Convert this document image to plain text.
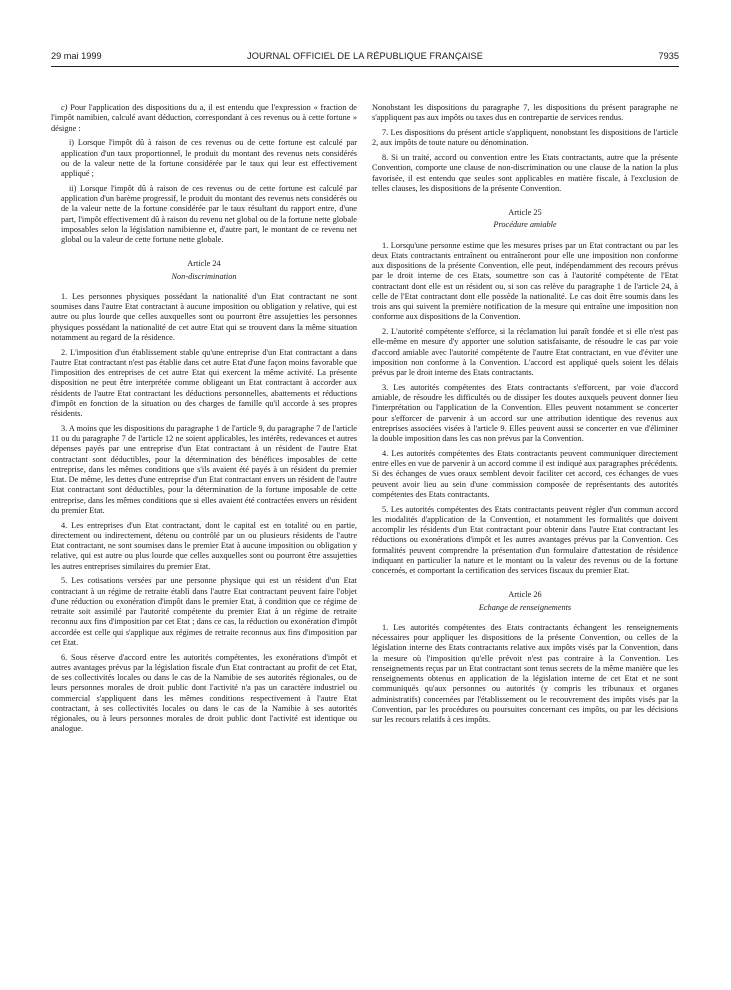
29 mai 1999	JOURNAL OFFICIEL DE LA RÉPUBLIQUE FRANÇAISE	7935

c) Pour l'application des dispositions du a, il est entendu que l'expression « fraction de l'impôt namibien, calculé avant déduction, correspondant à ces revenus ou à cette fortune » désigne :

i) Lorsque l'impôt dû à raison de ces revenus ou de cette fortune est calculé par application d'un taux proportionnel, le produit du montant des revenus nets considérés ou de la valeur nette de la fortune considérée par le taux qui leur est effectivement appliqué ;

ii) Lorsque l'impôt dû à raison de ces revenus ou de cette fortune est calculé par application d'un barème progressif, le produit du montant des revenus nets considérés ou de la valeur nette de la fortune considérée par le taux résultant du rapport entre, d'une part, l'impôt effectivement dû à raison du revenu net global ou de la fortune nette globale imposables selon la législation namibienne et, d'autre part, le montant de ce revenu net global ou la valeur de cette fortune nette globale.

Article 24
Non-discrimination

1. Les personnes physiques possédant la nationalité d'un Etat contractant ne sont soumises dans l'autre Etat contractant à aucune imposition ou obligation y relative, qui est autre ou plus lourde que celles auxquelles sont ou pourront être assujetties les personnes physiques possédant la nationalité de cet autre Etat qui se trouvent dans la même situation notamment au regard de la résidence.

2. L'imposition d'un établissement stable qu'une entreprise d'un Etat contractant a dans l'autre Etat contractant n'est pas établie dans cet autre Etat d'une façon moins favorable que l'imposition des entreprises de cet autre Etat qui exercent la même activité. La présente disposition ne peut être interprétée comme obligeant un Etat contractant à accorder aux résidents de l'autre Etat contractant les déductions personnelles, abattements et réductions d'impôt en fonction de la situation ou des charges de famille qu'il accorde à ses propres résidents.

3. A moins que les dispositions du paragraphe 1 de l'article 9, du paragraphe 7 de l'article 11 ou du paragraphe 7 de l'article 12 ne soient applicables, les intérêts, redevances et autres dépenses payés par une entreprise d'un Etat contractant à un résident de l'autre Etat contractant sont déductibles, pour la détermination des bénéfices imposables de cette entreprise, dans les mêmes conditions que s'ils avaient été payés à un résident du premier Etat. De même, les dettes d'une entreprise d'un Etat contractant envers un résident de l'autre Etat contractant sont déductibles, pour la détermination de la fortune imposable de cette entreprise, dans les mêmes conditions que si elles avaient été contractées envers un résident du premier Etat.

4. Les entreprises d'un Etat contractant, dont le capital est en totalité ou en partie, directement ou indirectement, détenu ou contrôlé par un ou plusieurs résidents de l'autre Etat contractant, ne sont soumises dans le premier Etat à aucune imposition ou obligation y relative, qui est autre ou plus lourde que celles auxquelles sont ou pourront être assujetties les autres entreprises similaires du premier Etat.

5. Les cotisations versées par une personne physique qui est un résident d'un Etat contractant à un régime de retraite établi dans l'autre Etat contractant peuvent faire l'objet d'une réduction ou exonération d'impôt dans le premier Etat, à condition que ce régime de retraite soit assimilé par l'autorité compétente du premier Etat à un régime de retraite reconnu aux fins d'imposition par cet Etat ; dans ce cas, la réduction ou exonération d'impôt accordée est celle qui s'applique aux régimes de retraite reconnus aux fins d'imposition par cet Etat.

6. Sous réserve d'accord entre les autorités compétentes, les exonérations d'impôt et autres avantages prévus par la législation fiscale d'un Etat contractant au profit de cet Etat, de ses collectivités locales ou dans le cas de la Namibie de ses autorités régionales, ou de leurs personnes morales de droit public dont l'activité n'a pas un caractère industriel ou commercial s'appliquent dans les mêmes conditions respectivement à l'autre Etat contractant, à ses collectivités locales ou dans le cas de la Namibie à ses autorités régionales, ou à leurs personnes morales de droit public dont l'activité est identique ou analogue.

Nonobstant les dispositions du paragraphe 7, les dispositions du présent paragraphe ne s'appliquent pas aux impôts ou taxes dus en contrepartie de services rendus.

7. Les dispositions du présent article s'appliquent, nonobstant les dispositions de l'article 2, aux impôts de toute nature ou dénomination.

8. Si un traité, accord ou convention entre les Etats contractants, autre que la présente Convention, comporte une clause de non-discrimination ou une clause de la nation la plus favorisée, il est entendu que seules sont applicables en matière fiscale, à l'exclusion de telles clauses, les dispositions de la présente Convention.

Article 25
Procédure amiable

1. Lorsqu'une personne estime que les mesures prises par un Etat contractant ou par les deux Etats contractants entraînent ou entraîneront pour elle une imposition non conforme aux dispositions de la présente Convention, elle peut, indépendamment des recours prévus par le droit interne de ces Etats, soumettre son cas à l'autorité compétente de l'Etat contractant dont elle est un résident ou, si son cas relève du paragraphe 1 de l'article 24, à celle de l'Etat contractant dont elle possède la nationalité. Le cas doit être soumis dans les trois ans qui suivent la première notification de la mesure qui entraîne une imposition non conforme aux dispositions de la Convention.

2. L'autorité compétente s'efforce, si la réclamation lui paraît fondée et si elle n'est pas elle-même en mesure d'y apporter une solution satisfaisante, de résoudre le cas par voie d'accord amiable avec l'autorité compétente de l'autre Etat contractant, en vue d'éviter une imposition non conforme à la Convention. L'accord est appliqué quels soient les délais prévus par le droit interne des Etats contractants.

3. Les autorités compétentes des Etats contractants s'efforcent, par voie d'accord amiable, de résoudre les difficultés ou de dissiper les doutes auxquels peuvent donner lieu l'interprétation ou l'application de la Convention. Elles peuvent notamment se concerter pour s'efforcer de parvenir à un accord sur une attribution identique des revenus aux entreprises associées visées à l'article 9. Elles peuvent aussi se concerter en vue d'éliminer la double imposition dans les cas non prévus par la Convention.

4. Les autorités compétentes des Etats contractants peuvent communiquer directement entre elles en vue de parvenir à un accord comme il est indiqué aux paragraphes précédents. Si des échanges de vues oraux semblent devoir faciliter cet accord, ces échanges de vues peuvent avoir lieu au sein d'une commission composée de représentants des autorités compétentes des Etats contractants.

5. Les autorités compétentes des Etats contractants peuvent régler d'un commun accord les modalités d'application de la Convention, et notamment les formalités que doivent accomplir les résidents d'un Etat contractant pour obtenir dans l'autre Etat contractant les réductions ou exonérations d'impôt et les autres avantages prévus par la Convention. Ces formalités peuvent comprendre la présentation d'un formulaire d'attestation de résidence indiquant en particulier la nature et le montant ou la valeur des revenus ou de la fortune concernés, et comportant la certification des services fiscaux du premier Etat.

Article 26
Echange de renseignements

1. Les autorités compétentes des Etats contractants échangent les renseignements nécessaires pour appliquer les dispositions de la présente Convention, ou celles de la législation interne des Etats contractants relative aux impôts visés par la Convention, dans la mesure où l'imposition qu'elle prévoit n'est pas contraire à la Convention. Les renseignements reçus par un Etat contractant sont tenus secrets de la même manière que les renseignements obtenus en application de la législation interne de cet Etat et ne sont communiqués qu'aux personnes ou autorités (y compris les tribunaux et organes administratifs) concernées par l'établissement ou le recouvrement des impôts visés par la Convention, par les procédures ou poursuites concernant ces impôts, ou par les décisions sur les recours relatifs à ces impôts.
